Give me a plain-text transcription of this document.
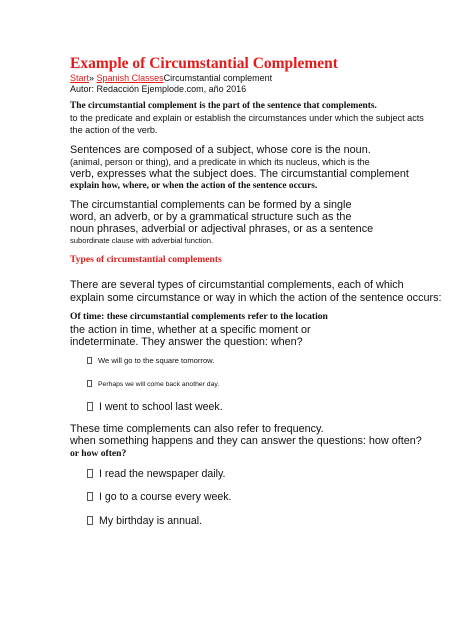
Example of Circumstantial Complement
Start» Spanish ClassesCircumstantial complement
Autor: Redacción Ejemplode.com, año 2016
The circumstantial complement is the part of the sentence that complements.
to the predicate and explain or establish the circumstances under which the subject acts
the action of the verb.
Sentences are composed of a subject, whose core is the noun.
(animal, person or thing), and a predicate in which its nucleus, which is the
verb, expresses what the subject does. The circumstantial complement
explain how, where, or when the action of the sentence occurs.
The circumstantial complements can be formed by a single
word, an adverb, or by a grammatical structure such as the
noun phrases, adverbial or adjectival phrases, or as a sentence
subordinate clause with adverbial function.
Types of circumstantial complements
There are several types of circumstantial complements, each of which
explain some circumstance or way in which the action of the sentence occurs:
Of time: these circumstantial complements refer to the location
the action in time, whether at a specific moment or
indeterminate. They answer the question: when?
We will go to the square tomorrow.
Perhaps we will come back another day.
I went to school last week.
These time complements can also refer to frequency.
when something happens and they can answer the questions: how often?
or how often?
I read the newspaper daily.
I go to a course every week.
My birthday is annual.
